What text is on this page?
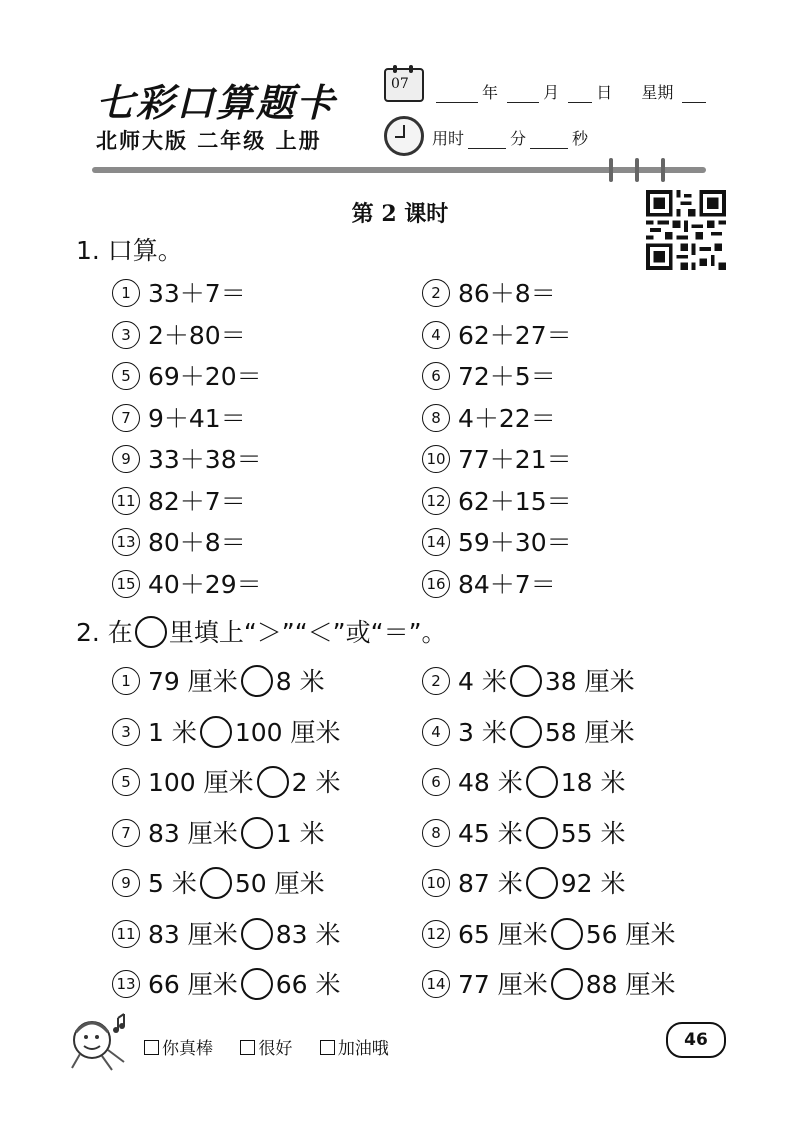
七彩口算题卡
北师大版 二年级 上册
07	年	月 日 星期
用时	分	秒
第 2 课时
1. 口算。
1 33＋7＝	2 86＋8＝
3 2＋80＝	4 62＋27＝
5 69＋20＝	6 72＋5＝
7 9＋41＝	8 4＋22＝
9 33＋38＝	10 77＋21＝
11 82＋7＝	12 62＋15＝
13 80＋8＝	14 59＋30＝
15 40＋29＝	16 84＋7＝
2. 在 里填上“＞”“＜”或“＝”。
1 79 厘米 8 米	2 4 米 38 厘米
3 1 米 100 厘米	4 3 米 58 厘米
5 100 厘米 2 米	6 48 米 18 米
7 83 厘米 1 米	8 45 米 55 米
9 5 米 50 厘米	10 87 米 92 米
11 83 厘米 83 米	12 65 厘米 56 厘米
13 66 厘米 66 米	14 77 厘米 88 厘米
你真棒	很好	加油哦	46
